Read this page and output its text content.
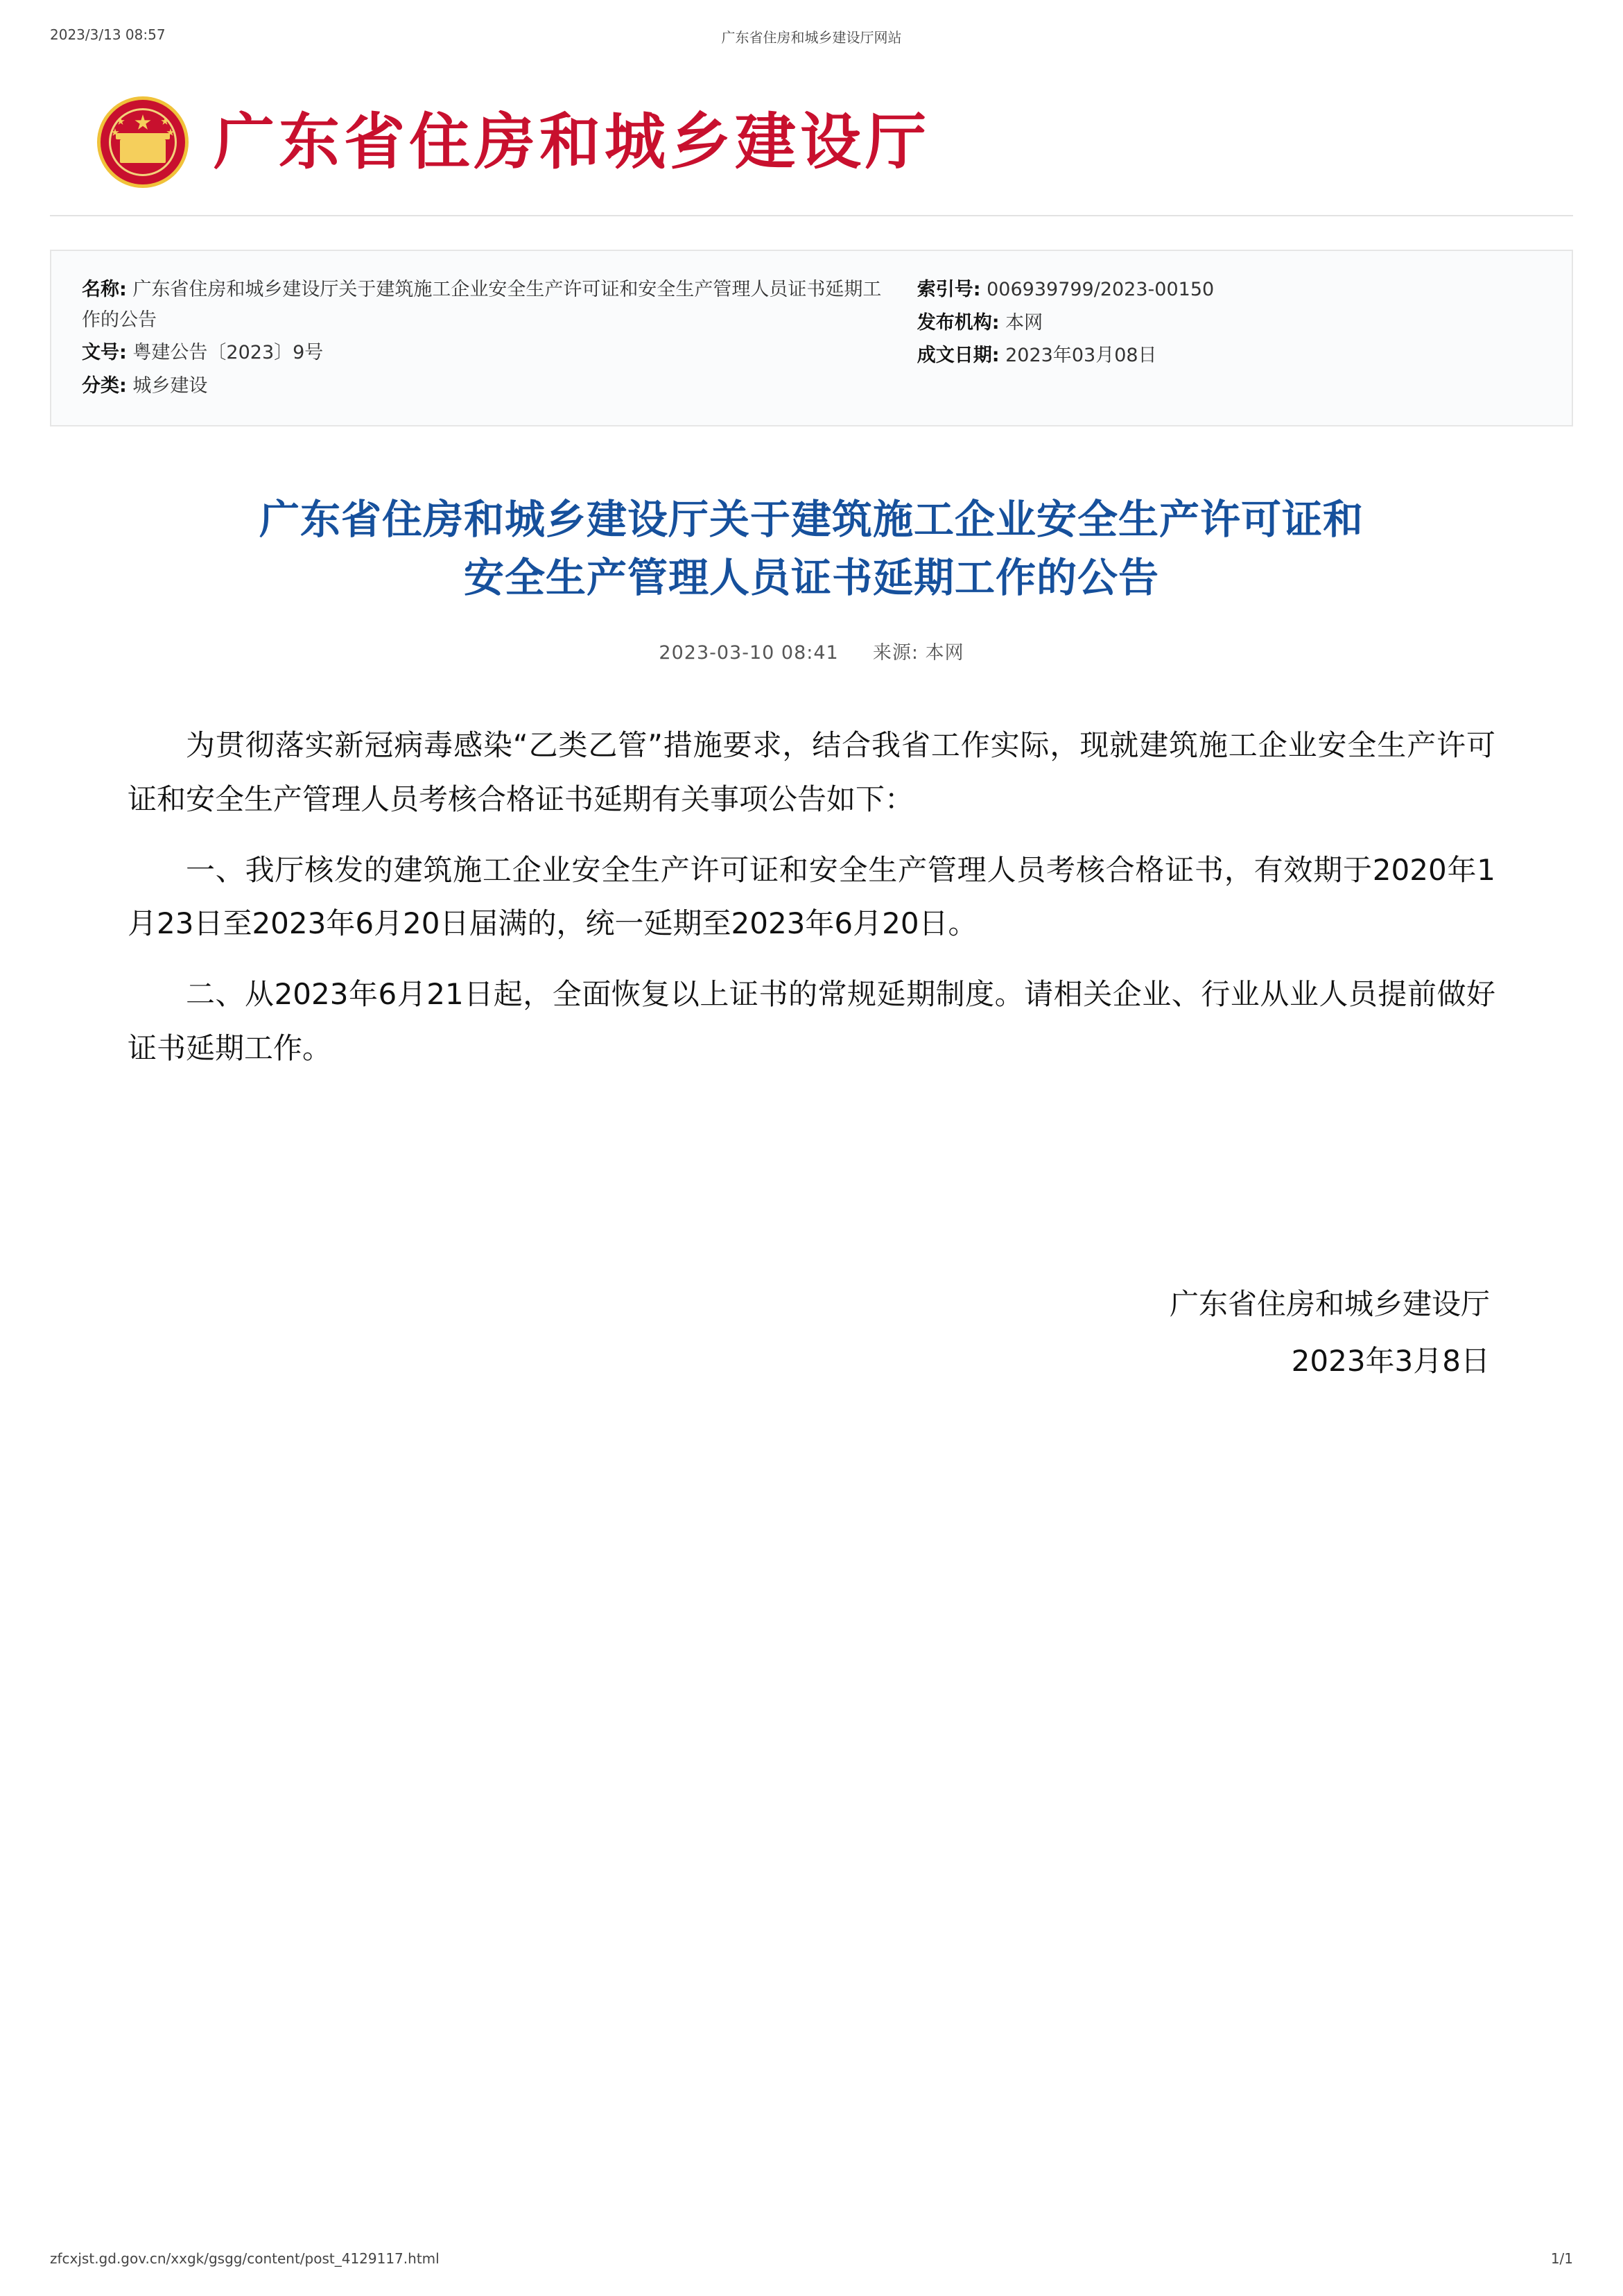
2023/3/13 08:57	广东省住房和城乡建设厅网站
广东省住房和城乡建设厅
名称: 广东省住房和城乡建设厅关于建筑施工企业安全生产许可证和安全生产管理人员证书延期工作的公告
文号: 粤建公告〔2023〕9号
分类: 城乡建设
索引号: 006939799/2023-00150
发布机构: 本网
成文日期: 2023年03月08日
广东省住房和城乡建设厅关于建筑施工企业安全生产许可证和
安全生产管理人员证书延期工作的公告
2023-03-10 08:41 来源: 本网

为贯彻落实新冠病毒感染“乙类乙管”措施要求，结合我省工作实际，现就建筑施工企业安全生产许可证和安全生产管理人员考核合格证书延期有关事项公告如下：

一、我厅核发的建筑施工企业安全生产许可证和安全生产管理人员考核合格证书，有效期于2020年1月23日至2023年6月20日届满的，统一延期至2023年6月20日。

二、从2023年6月21日起，全面恢复以上证书的常规延期制度。请相关企业、行业从业人员提前做好证书延期工作。

广东省住房和城乡建设厅
2023年3月8日
zfcxjst.gd.gov.cn/xxgk/gsgg/content/post_4129117.html	1/1
